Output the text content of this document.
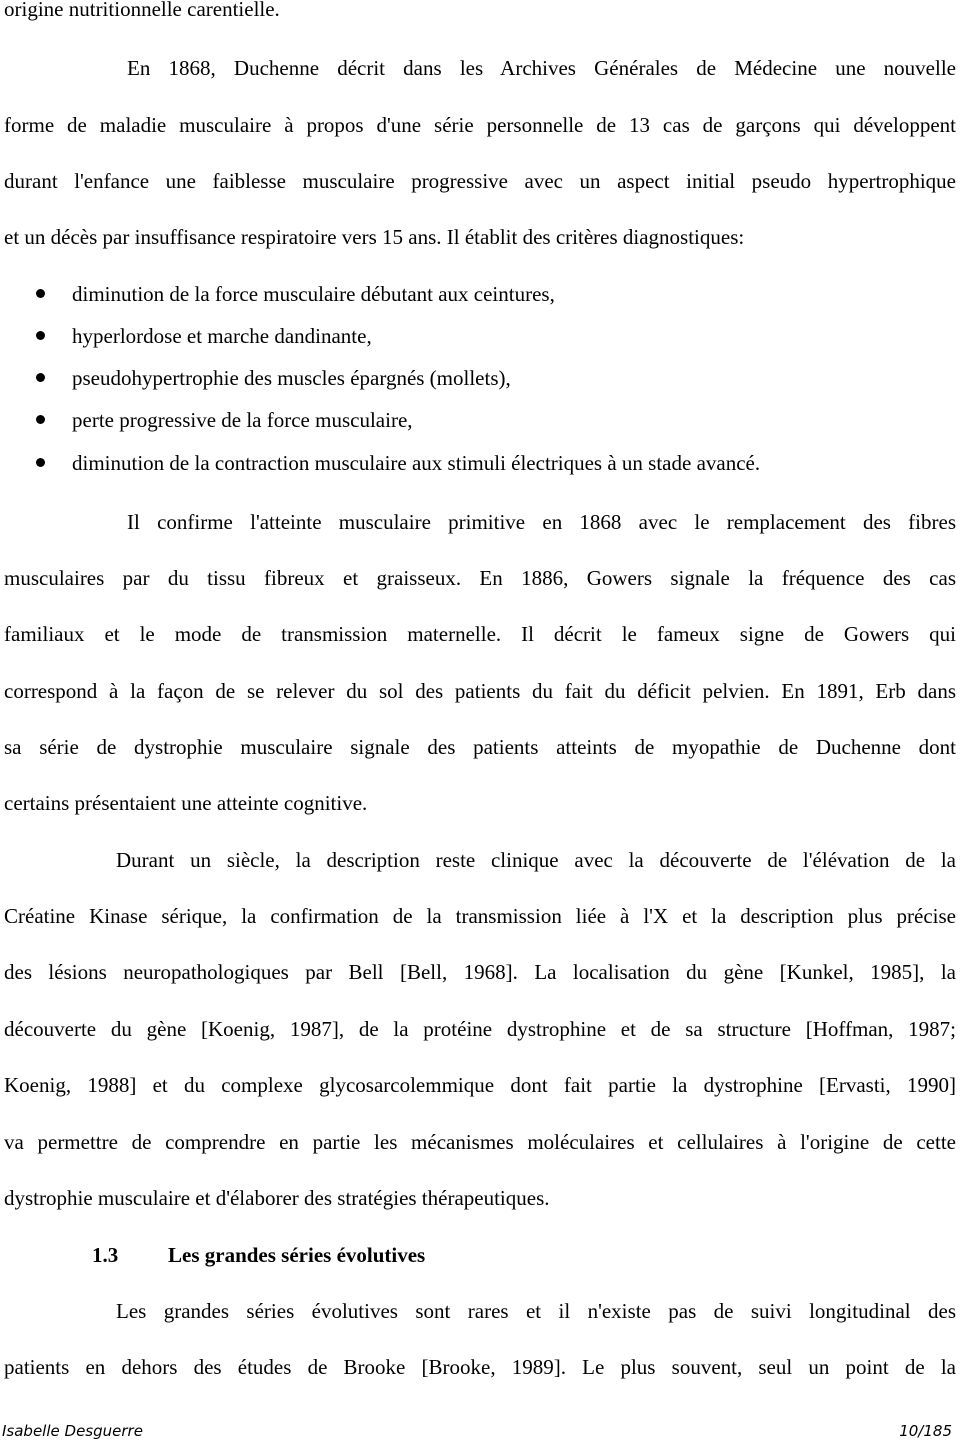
origine nutritionnelle carentielle.
En 1868, Duchenne décrit dans les Archives Générales de Médecine une nouvelle
forme de maladie musculaire à propos d'une série personnelle de 13 cas de garçons qui développent
durant l'enfance une faiblesse musculaire progressive avec un aspect initial pseudo hypertrophique
et un décès par insuffisance respiratoire vers 15 ans. Il établit des critères diagnostiques:
diminution de la force musculaire débutant aux ceintures,
hyperlordose et marche dandinante,
pseudohypertrophie des muscles épargnés (mollets),
perte progressive de la force musculaire,
diminution de la contraction musculaire aux stimuli électriques à un stade avancé.
Il confirme l'atteinte musculaire primitive en 1868 avec le remplacement des fibres
musculaires par du tissu fibreux et graisseux. En 1886, Gowers signale la fréquence des cas
familiaux et le mode de transmission maternelle. Il décrit le fameux signe de Gowers qui
correspond à la façon de se relever du sol des patients du fait du déficit pelvien. En 1891, Erb dans
sa série de dystrophie musculaire signale des patients atteints de myopathie de Duchenne dont
certains présentaient une atteinte cognitive.
Durant un siècle, la description reste clinique avec la découverte de l'élévation de la
Créatine Kinase sérique, la confirmation de la transmission liée à l'X et la description plus précise
des lésions neuropathologiques par Bell [Bell, 1968]. La localisation du gène [Kunkel, 1985], la
découverte du gène [Koenig, 1987], de la protéine dystrophine et de sa structure [Hoffman, 1987;
Koenig, 1988] et du complexe glycosarcolemmique dont fait partie la dystrophine [Ervasti, 1990]
va permettre de comprendre en partie les mécanismes moléculaires et cellulaires à l'origine de cette
dystrophie musculaire et d'élaborer des stratégies thérapeutiques.
1.3 Les grandes séries évolutives
Les grandes séries évolutives sont rares et il n'existe pas de suivi longitudinal des
patients en dehors des études de Brooke [Brooke, 1989]. Le plus souvent, seul un point de la
Isabelle Desguerre	10/185
